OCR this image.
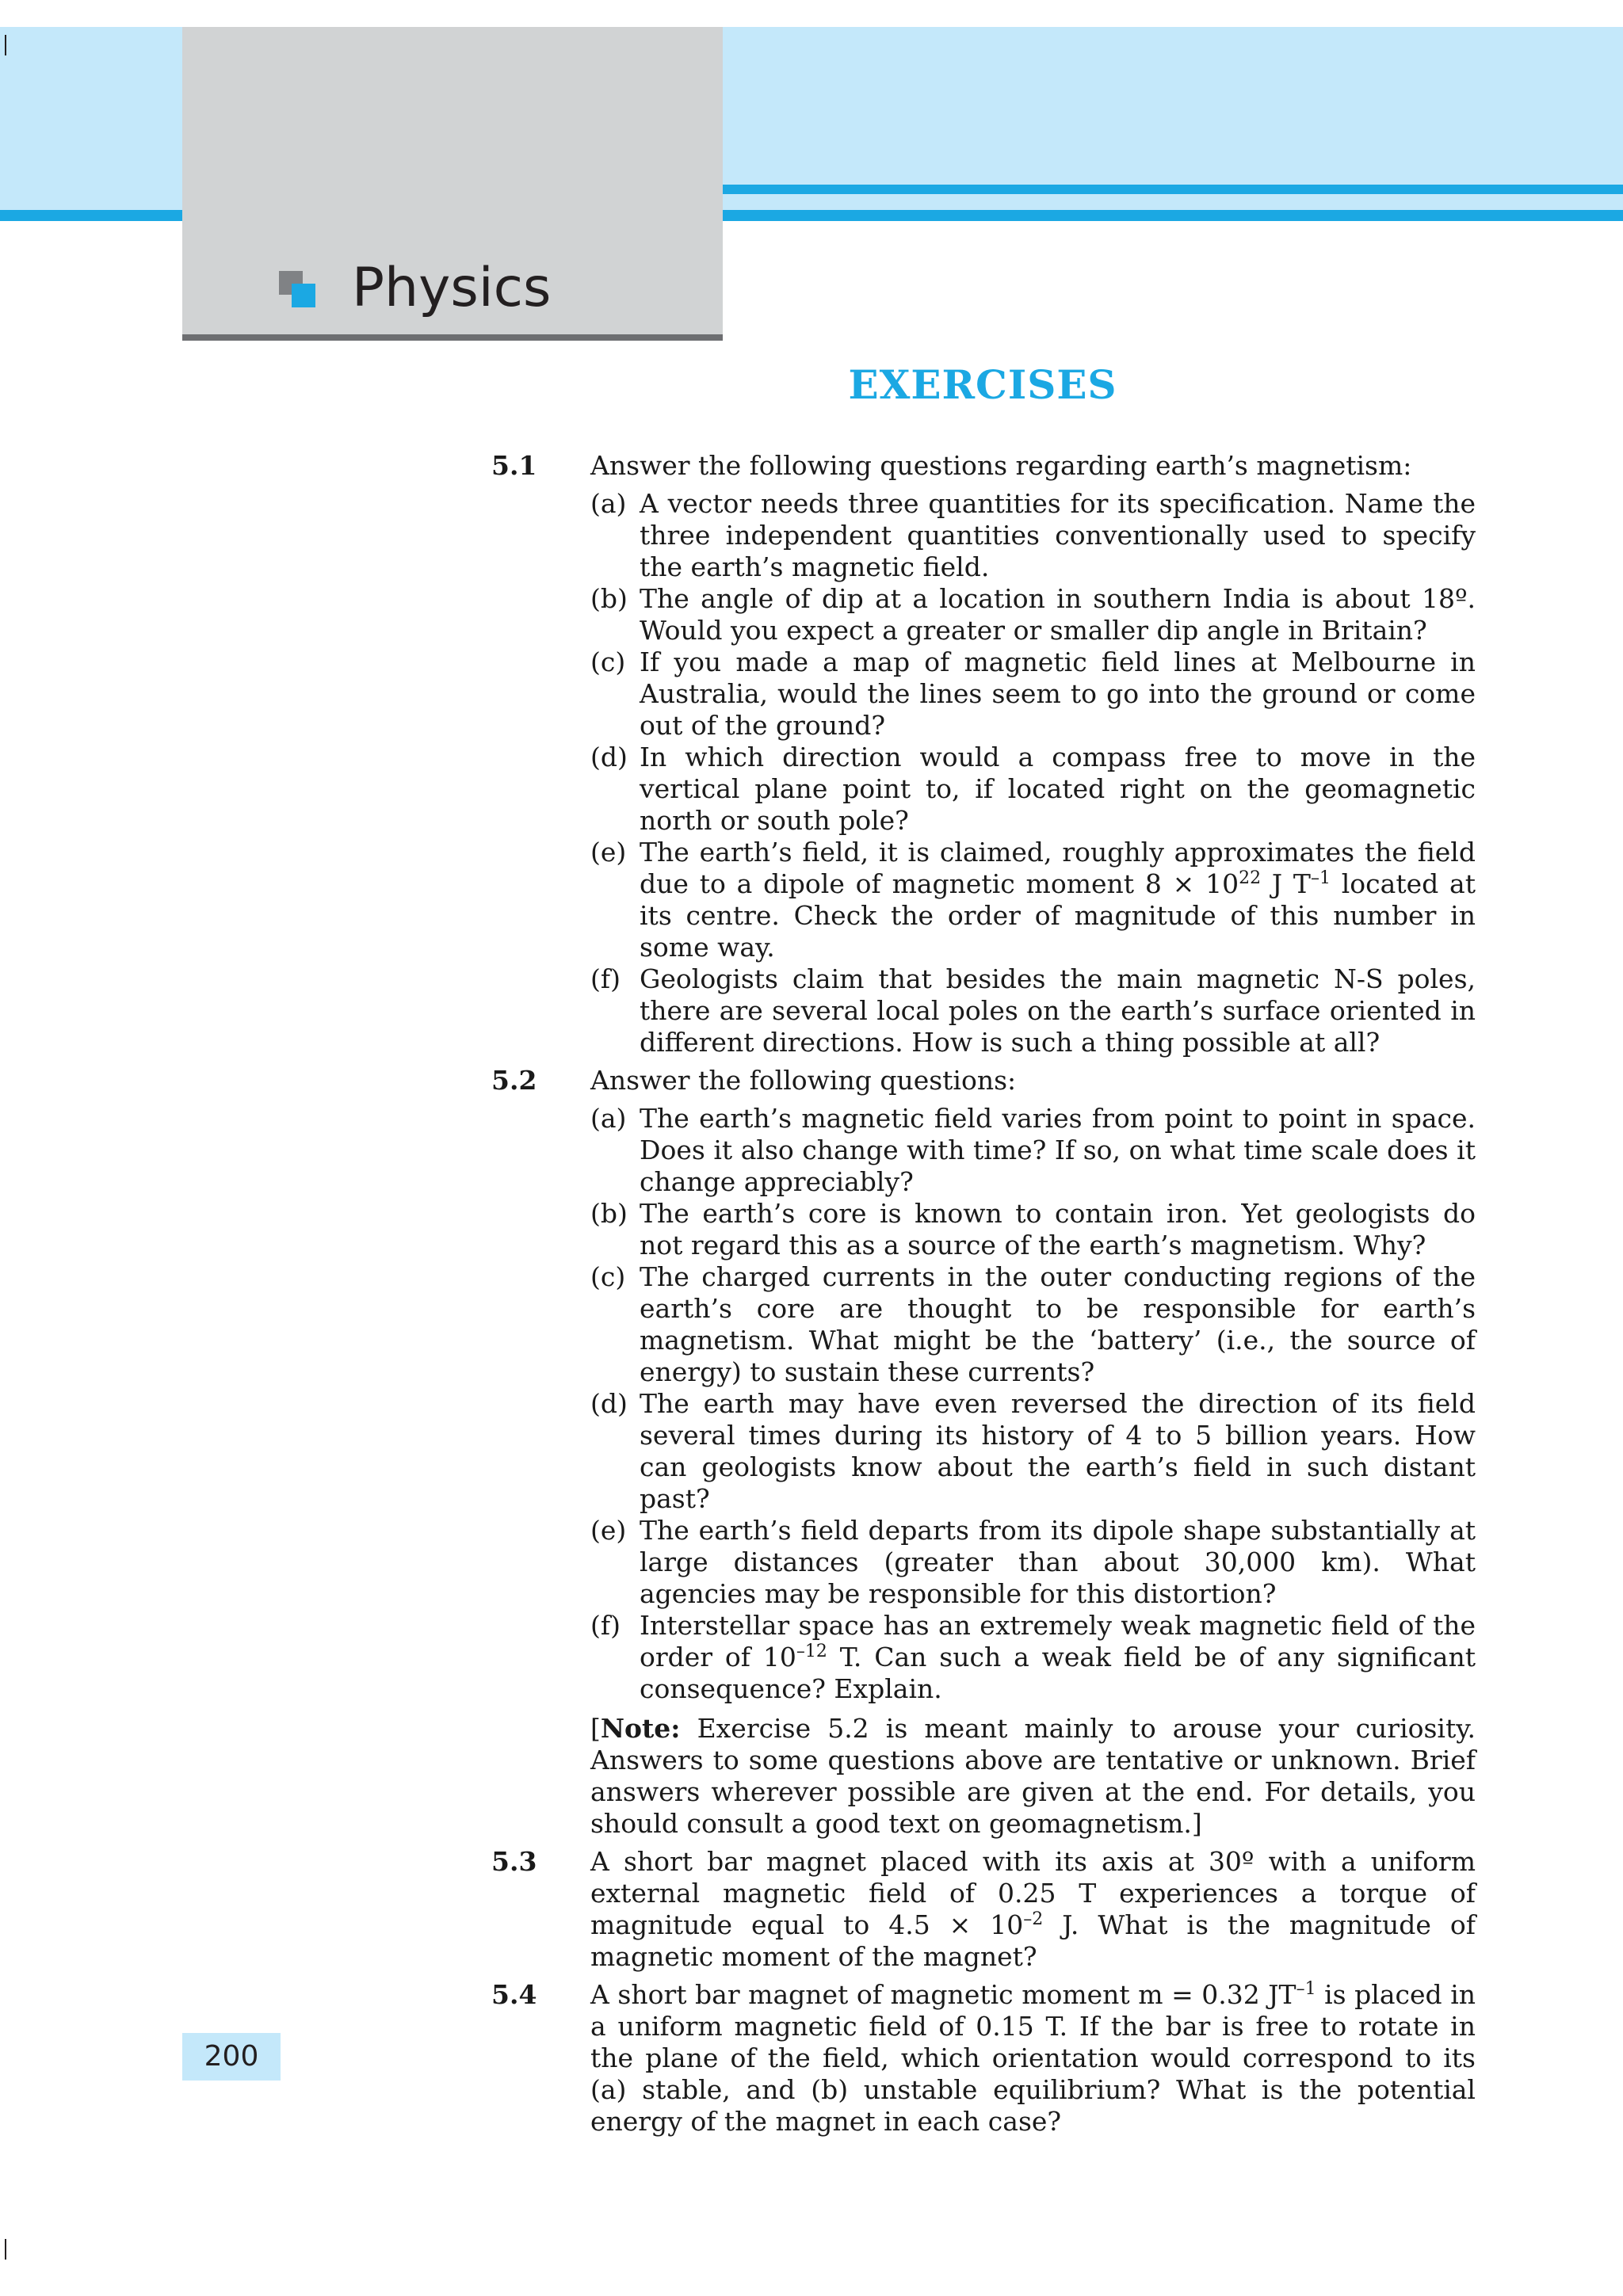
Physics
EXERCISES
5.1 Answer the following questions regarding earth’s magnetism:
(a) A vector needs three quantities for its specification. Name the three independent quantities conventionally used to specify the earth’s magnetic field.
(b) The angle of dip at a location in southern India is about 18º. Would you expect a greater or smaller dip angle in Britain?
(c) If you made a map of magnetic field lines at Melbourne in Australia, would the lines seem to go into the ground or come out of the ground?
(d) In which direction would a compass free to move in the vertical plane point to, if located right on the geomagnetic north or south pole?
(e) The earth’s field, it is claimed, roughly approximates the field due to a dipole of magnetic moment $8 \times 10^{22}$ J $T^{-1}$ located at its centre. Check the order of magnitude of this number in some way.
(f) Geologists claim that besides the main magnetic N-S poles, there are several local poles on the earth’s surface oriented in different directions. How is such a thing possible at all?
5.2 Answer the following questions:
(a) The earth’s magnetic field varies from point to point in space. Does it also change with time? If so, on what time scale does it change appreciably?
(b) The earth’s core is known to contain iron. Yet geologists do not regard this as a source of the earth’s magnetism. Why?
(c) The charged currents in the outer conducting regions of the earth’s core are thought to be responsible for earth’s magnetism. What might be the ‘battery’ (i.e., the source of energy) to sustain these currents?
(d) The earth may have even reversed the direction of its field several times during its history of 4 to 5 billion years. How can geologists know about the earth’s field in such distant past?
(e) The earth’s field departs from its dipole shape substantially at large distances (greater than about 30,000 km). What agencies may be responsible for this distortion?
(f) Interstellar space has an extremely weak magnetic field of the order of $10^{-12}$ T. Can such a weak field be of any significant consequence? Explain.
[Note: Exercise 5.2 is meant mainly to arouse your curiosity. Answers to some questions above are tentative or unknown. Brief answers wherever possible are given at the end. For details, you should consult a good text on geomagnetism.]
5.3 A short bar magnet placed with its axis at 30º with a uniform external magnetic field of 0.25 T experiences a torque of magnitude equal to $4.5 \times 10^{-2}$ J. What is the magnitude of magnetic moment of the magnet?
5.4 A short bar magnet of magnetic moment m = 0.32 $JT^{-1}$ is placed in a uniform magnetic field of 0.15 T. If the bar is free to rotate in the plane of the field, which orientation would correspond to its (a) stable, and (b) unstable equilibrium? What is the potential energy of the magnet in each case?
200
